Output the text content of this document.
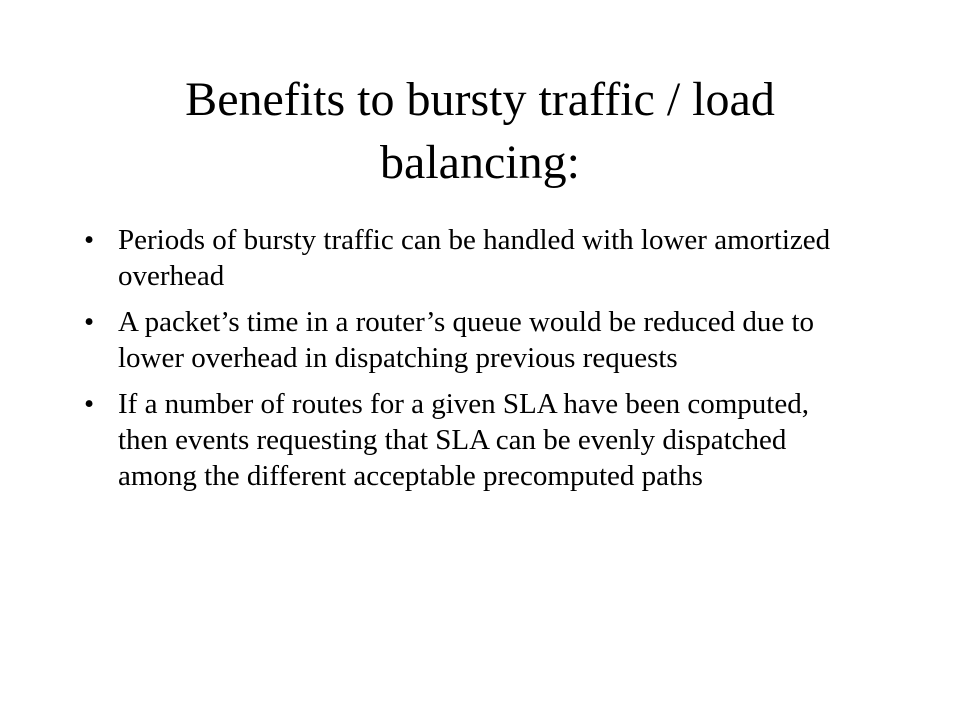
Benefits to bursty traffic / load balancing:
• Periods of bursty traffic can be handled with lower amortized overhead
• A packet’s time in a router’s queue would be reduced due to lower overhead in dispatching previous requests
• If a number of routes for a given SLA have been computed, then events requesting that SLA can be evenly dispatched among the different acceptable precomputed paths
